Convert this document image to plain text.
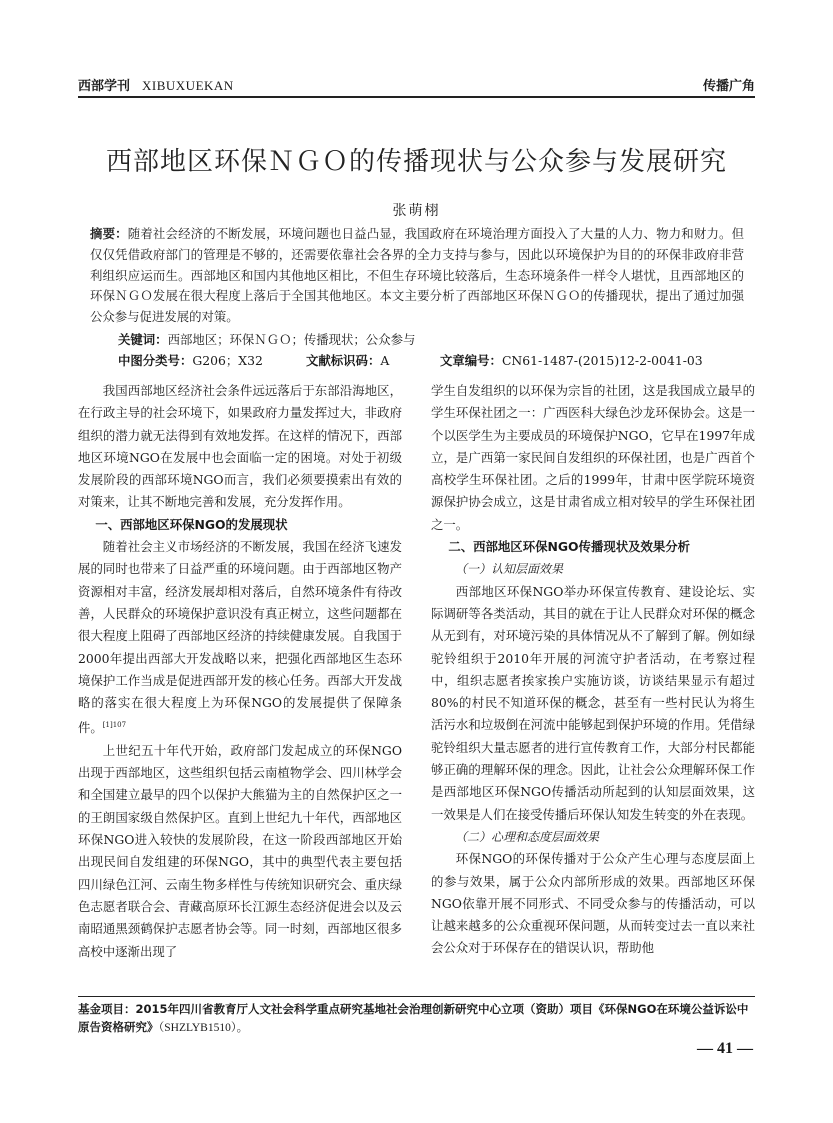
西部学刊 XIBUXUEKAN	传播广角
西部地区环保ＮＧＯ的传播现状与公众参与发展研究
张萌栩
摘要：随着社会经济的不断发展，环境问题也日益凸显，我国政府在环境治理方面投入了大量的人力、物力和财力。但仅仅凭借政府部门的管理是不够的，还需要依靠社会各界的全力支持与参与，因此以环境保护为目的的环保非政府非营利组织应运而生。西部地区和国内其他地区相比，不但生存环境比较落后，生态环境条件一样令人堪忧，且西部地区的环保ＮＧＯ发展在很大程度上落后于全国其他地区。本文主要分析了西部地区环保ＮＧＯ的传播现状，提出了通过加强公众参与促进发展的对策。
关键词：西部地区；环保ＮＧＯ；传播现状；公众参与
中图分类号：G206；X32	文献标识码：A	文章编号：CN61-1487-(2015)12-2-0041-03

我国西部地区经济社会条件远远落后于东部沿海地区，在行政主导的社会环境下，如果政府力量发挥过大，非政府组织的潜力就无法得到有效地发挥。在这样的情况下，西部地区环境NGO在发展中也会面临一定的困境。对处于初级发展阶段的西部环境NGO而言，我们必须要摸索出有效的对策来，让其不断地完善和发展，充分发挥作用。

一、西部地区环保NGO的发展现状

随着社会主义市场经济的不断发展，我国在经济飞速发展的同时也带来了日益严重的环境问题。由于西部地区物产资源相对丰富，经济发展却相对落后，自然环境条件有待改善，人民群众的环境保护意识没有真正树立，这些问题都在很大程度上阻碍了西部地区经济的持续健康发展。自我国于2000年提出西部大开发战略以来，把强化西部地区生态环境保护工作当成是促进西部开发的核心任务。西部大开发战略的落实在很大程度上为环保NGO的发展提供了保障条件。$^{[1]107}$

上世纪五十年代开始，政府部门发起成立的环保NGO出现于西部地区，这些组织包括云南植物学会、四川林学会和全国建立最早的四个以保护大熊猫为主的自然保护区之一的王朗国家级自然保护区。直到上世纪九十年代，西部地区环保NGO进入较快的发展阶段，在这一阶段西部地区开始出现民间自发组建的环保NGO，其中的典型代表主要包括四川绿色江河、云南生物多样性与传统知识研究会、重庆绿色志愿者联合会、青藏高原环长江源生态经济促进会以及云南昭通黑颈鹤保护志愿者协会等。同一时刻，西部地区很多高校中逐渐出现了

学生自发组织的以环保为宗旨的社团，这是我国成立最早的学生环保社团之一：广西医科大绿色沙龙环保协会。这是一个以医学生为主要成员的环境保护NGO，它早在1997年成立，是广西第一家民间自发组织的环保社团，也是广西首个高校学生环保社团。之后的1999年，甘肃中医学院环境资源保护协会成立，这是甘肃省成立相对较早的学生环保社团之一。

二、西部地区环保NGO传播现状及效果分析
（一）认知层面效果

西部地区环保NGO举办环保宣传教育、建设论坛、实际调研等各类活动，其目的就在于让人民群众对环保的概念从无到有，对环境污染的具体情况从不了解到了解。例如绿驼铃组织于2010年开展的河流守护者活动，在考察过程中，组织志愿者挨家挨户实施访谈，访谈结果显示有超过80%的村民不知道环保的概念，甚至有一些村民认为将生活污水和垃圾倒在河流中能够起到保护环境的作用。凭借绿驼铃组织大量志愿者的进行宣传教育工作，大部分村民都能够正确的理解环保的理念。因此，让社会公众理解环保工作是西部地区环保NGO传播活动所起到的认知层面效果，这一效果是人们在接受传播后环保认知发生转变的外在表现。

（二）心理和态度层面效果

环保NGO的环保传播对于公众产生心理与态度层面上的参与效果，属于公众内部所形成的效果。西部地区环保NGO依靠开展不同形式、不同受众参与的传播活动，可以让越来越多的公众重视环保问题，从而转变过去一直以来社会公众对于环保存在的错误认识，帮助他

基金项目：2015年四川省教育厅人文社会科学重点研究基地社会治理创新研究中心立项（资助）项目《环保NGO在环境公益诉讼中原告资格研究》（SHZLYB1510）。
— 41 —
